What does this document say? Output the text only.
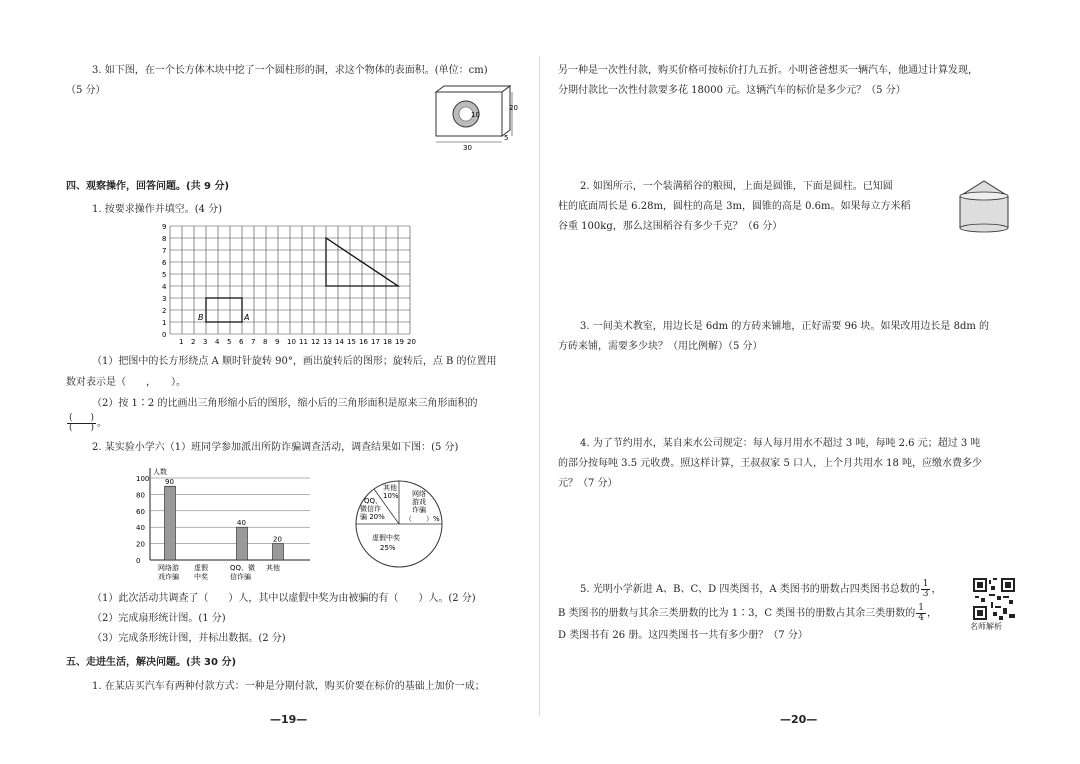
3. 如下图，在一个长方体木块中挖了一个圆柱形的洞，求这个物体的表面积。(单位：cm)
（5 分）
10
20
5
30
四、观察操作，回答问题。(共 9 分)
1. 按要求操作并填空。(4 分)
1 2 3 4 5 6 7 8 9 10 11 12 13 14 15 16 17 18 19 20
0
1
2
3
4
5
6
7
8
9
B	A
（1）把图中的长方形绕点 A 顺时针旋转 90°，画出旋转后的图形；旋转后，点 B 的位置用
数对表示是（　　，　　）。
（2）按 1∶2 的比画出三角形缩小后的图形，缩小后的三角形面积是原来三角形面积的
$\frac{( )}{( )}$ 。
2. 某实验小学六（1）班同学参加派出所防诈骗调查活动，调查结果如下图：(5 分)
人数
0
20
40
60
80
100 90
网络游
戏诈骗
虚假
中奖
40
QQ、微
信诈骗
20
其他
其他
10%
QQ、
微信诈
骗 20%
网络
游戏
诈骗
（　　）%
虚假中奖
25%
（1）此次活动共调查了（　　）人，其中以虚假中奖为由被骗的有（　　）人。(2 分)
（2）完成扇形统计图。(1 分)
（3）完成条形统计图，并标出数据。(2 分)
五、走进生活，解决问题。(共 30 分)
1. 在某店买汽车有两种付款方式：一种是分期付款，购买价要在标价的基础上加价一成；
—19—
另一种是一次性付款，购买价格可按标价打九五折。小明爸爸想买一辆汽车，他通过计算发现，
分期付款比一次性付款要多花 18000 元。这辆汽车的标价是多少元？（5 分）
2. 如图所示，一个装满稻谷的粮囤，上面是圆锥，下面是圆柱。已知圆
柱的底面周长是 6.28m，圆柱的高是 3m，圆锥的高是 0.6m。如果每立方米稻
谷重 100kg，那么这围稻谷有多少千克？（6 分）
3. 一间美术教室，用边长是 6dm 的方砖来铺地，正好需要 96 块。如果改用边长是 8dm 的
方砖来铺，需要多少块？（用比例解）（5 分）
4. 为了节约用水，某自来水公司规定：每人每月用水不超过 3 吨，每吨 2.6 元；超过 3 吨
的部分按每吨 3.5 元收费。照这样计算，王叔叔家 5 口人，上个月共用水 18 吨，应缴水费多少
元？（7 分）
5. 光明小学新进 A、B、C、D 四类图书，A 类图书的册数占四类图书总数的 $\frac{1}{3}$ ，
B 类图书的册数与其余三类册数的比为 1∶3，C 类图书的册数占其余三类册数的 $\frac{1}{4}$ ，
D 类图书有 26 册。这四类图书一共有多少册？（7 分）
—20—
名师解析
